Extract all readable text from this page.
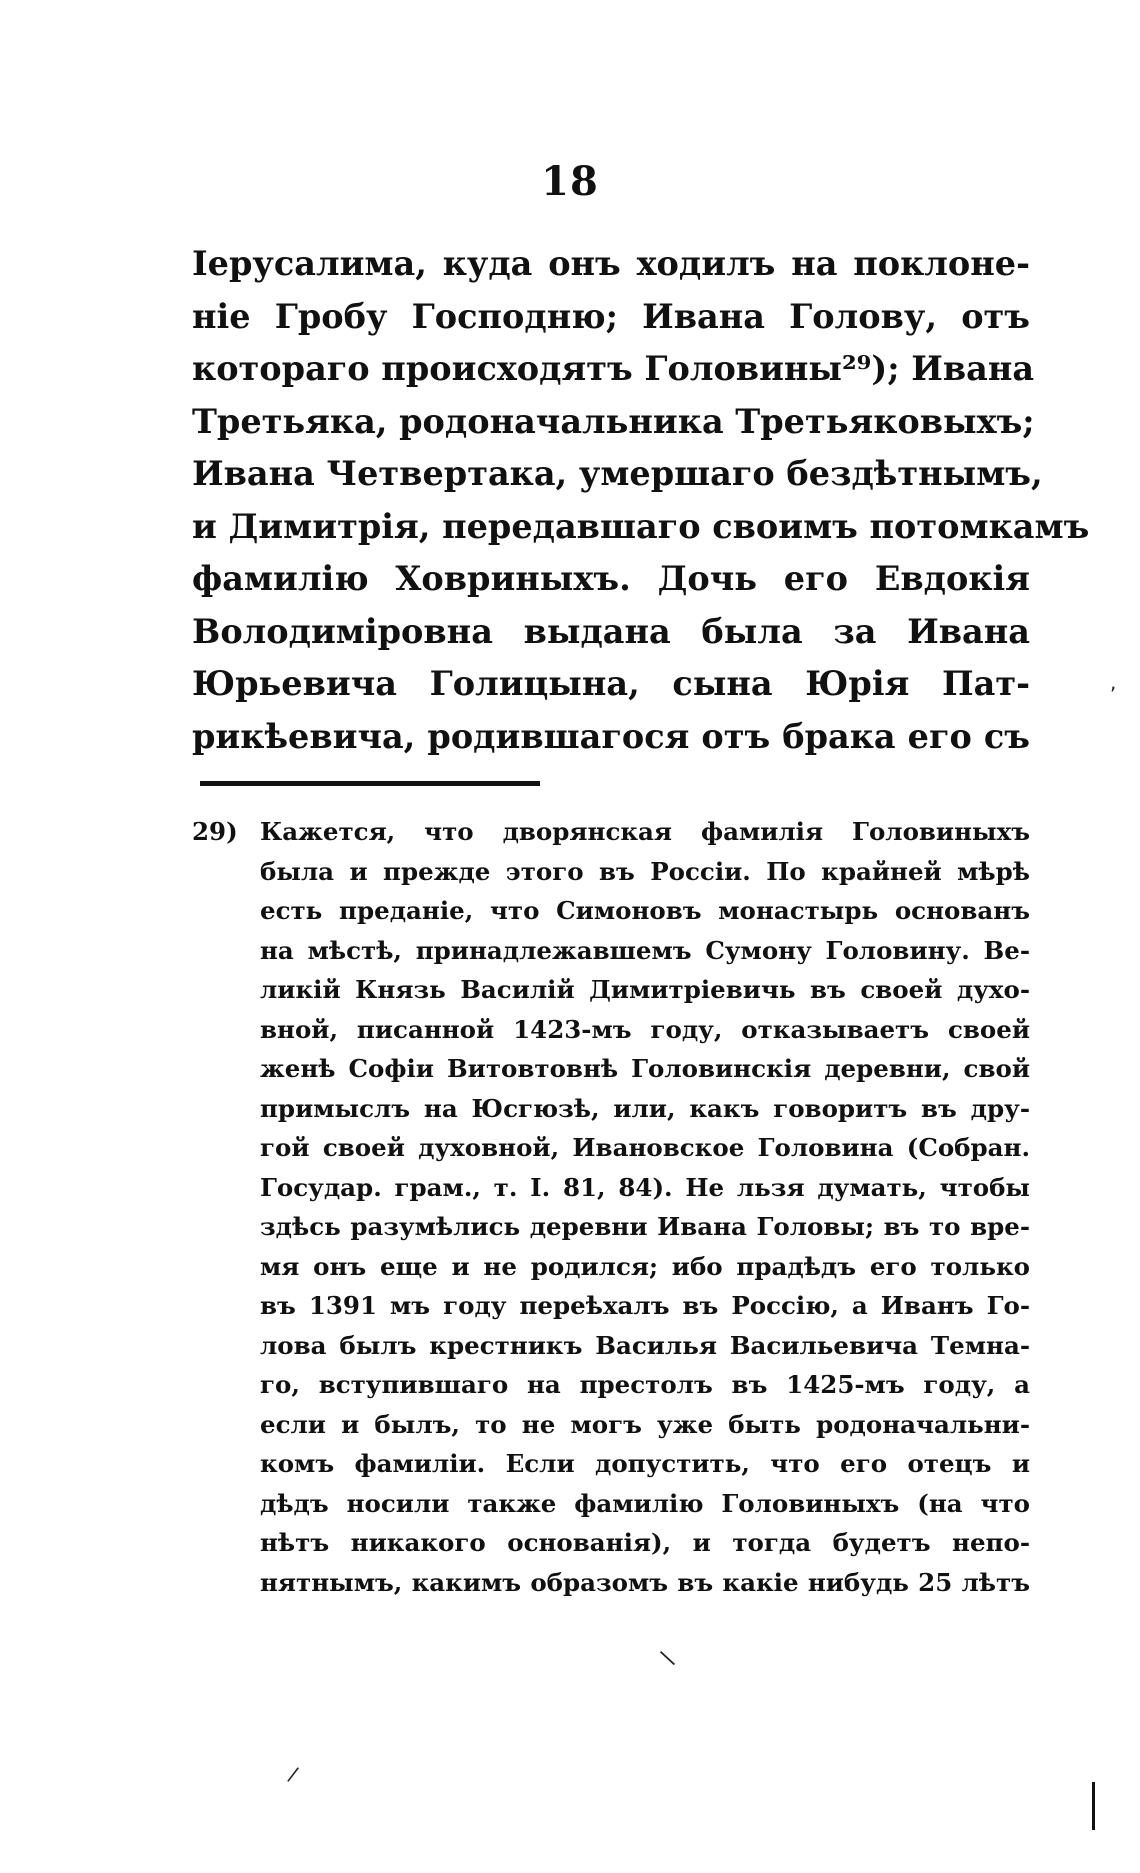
18
Іерусалима, куда онъ ходилъ на поклоне-
ніе Гробу Господню; Ивана Голову, отъ
котораго происходятъ Головины²⁹); Ивана
Третьяка, родоначальника Третьяковыхъ;
Ивана Четвертака, умершаго бездѣтнымъ,
и Димитрія, передавшаго своимъ потомкамъ
фамилію Ховриныхъ. Дочь его Евдокія
Володиміровна выдана была за Ивана
Юрьевича Голицына, сына Юрія Пат-
рикѣевича, родившагося отъ брака его съ
29) Кажется, что дворянская фамилія Головиныхъ
была и прежде этого въ Россіи. По крайней мѣрѣ
есть преданіе, что Симоновъ монастырь основанъ
на мѣстѣ, принадлежавшемъ Сумону Головину. Ве-
ликій Князь Василій Димитріевичь въ своей духо-
вной, писанной 1423-мъ году, отказываетъ своей
женѣ Софіи Витовтовнѣ Головинскія деревни, свой
примыслъ на Юсгюзѣ, или, какъ говоритъ въ дру-
гой своей духовной, Ивановское Головина (Собран.
Государ. грам., т. I. 81, 84). Не льзя думать, чтобы
здѣсь разумѣлись деревни Ивана Головы; въ то вре-
мя онъ еще и не родился; ибо прадѣдъ его только
въ 1391 мъ году переѣхалъ въ Россію, а Иванъ Го-
лова былъ крестникъ Василья Васильевича Темна-
го, вступившаго на престолъ въ 1425-мъ году, а
если и былъ, то не могъ уже быть родоначальни-
комъ фамиліи. Если допустить, что его отецъ и
дѣдъ носили также фамилію Головиныхъ (на что
нѣтъ никакого основанія), и тогда будетъ непо-
нятнымъ, какимъ образомъ въ какіе нибудь 25 лѣтъ
\
/
,
